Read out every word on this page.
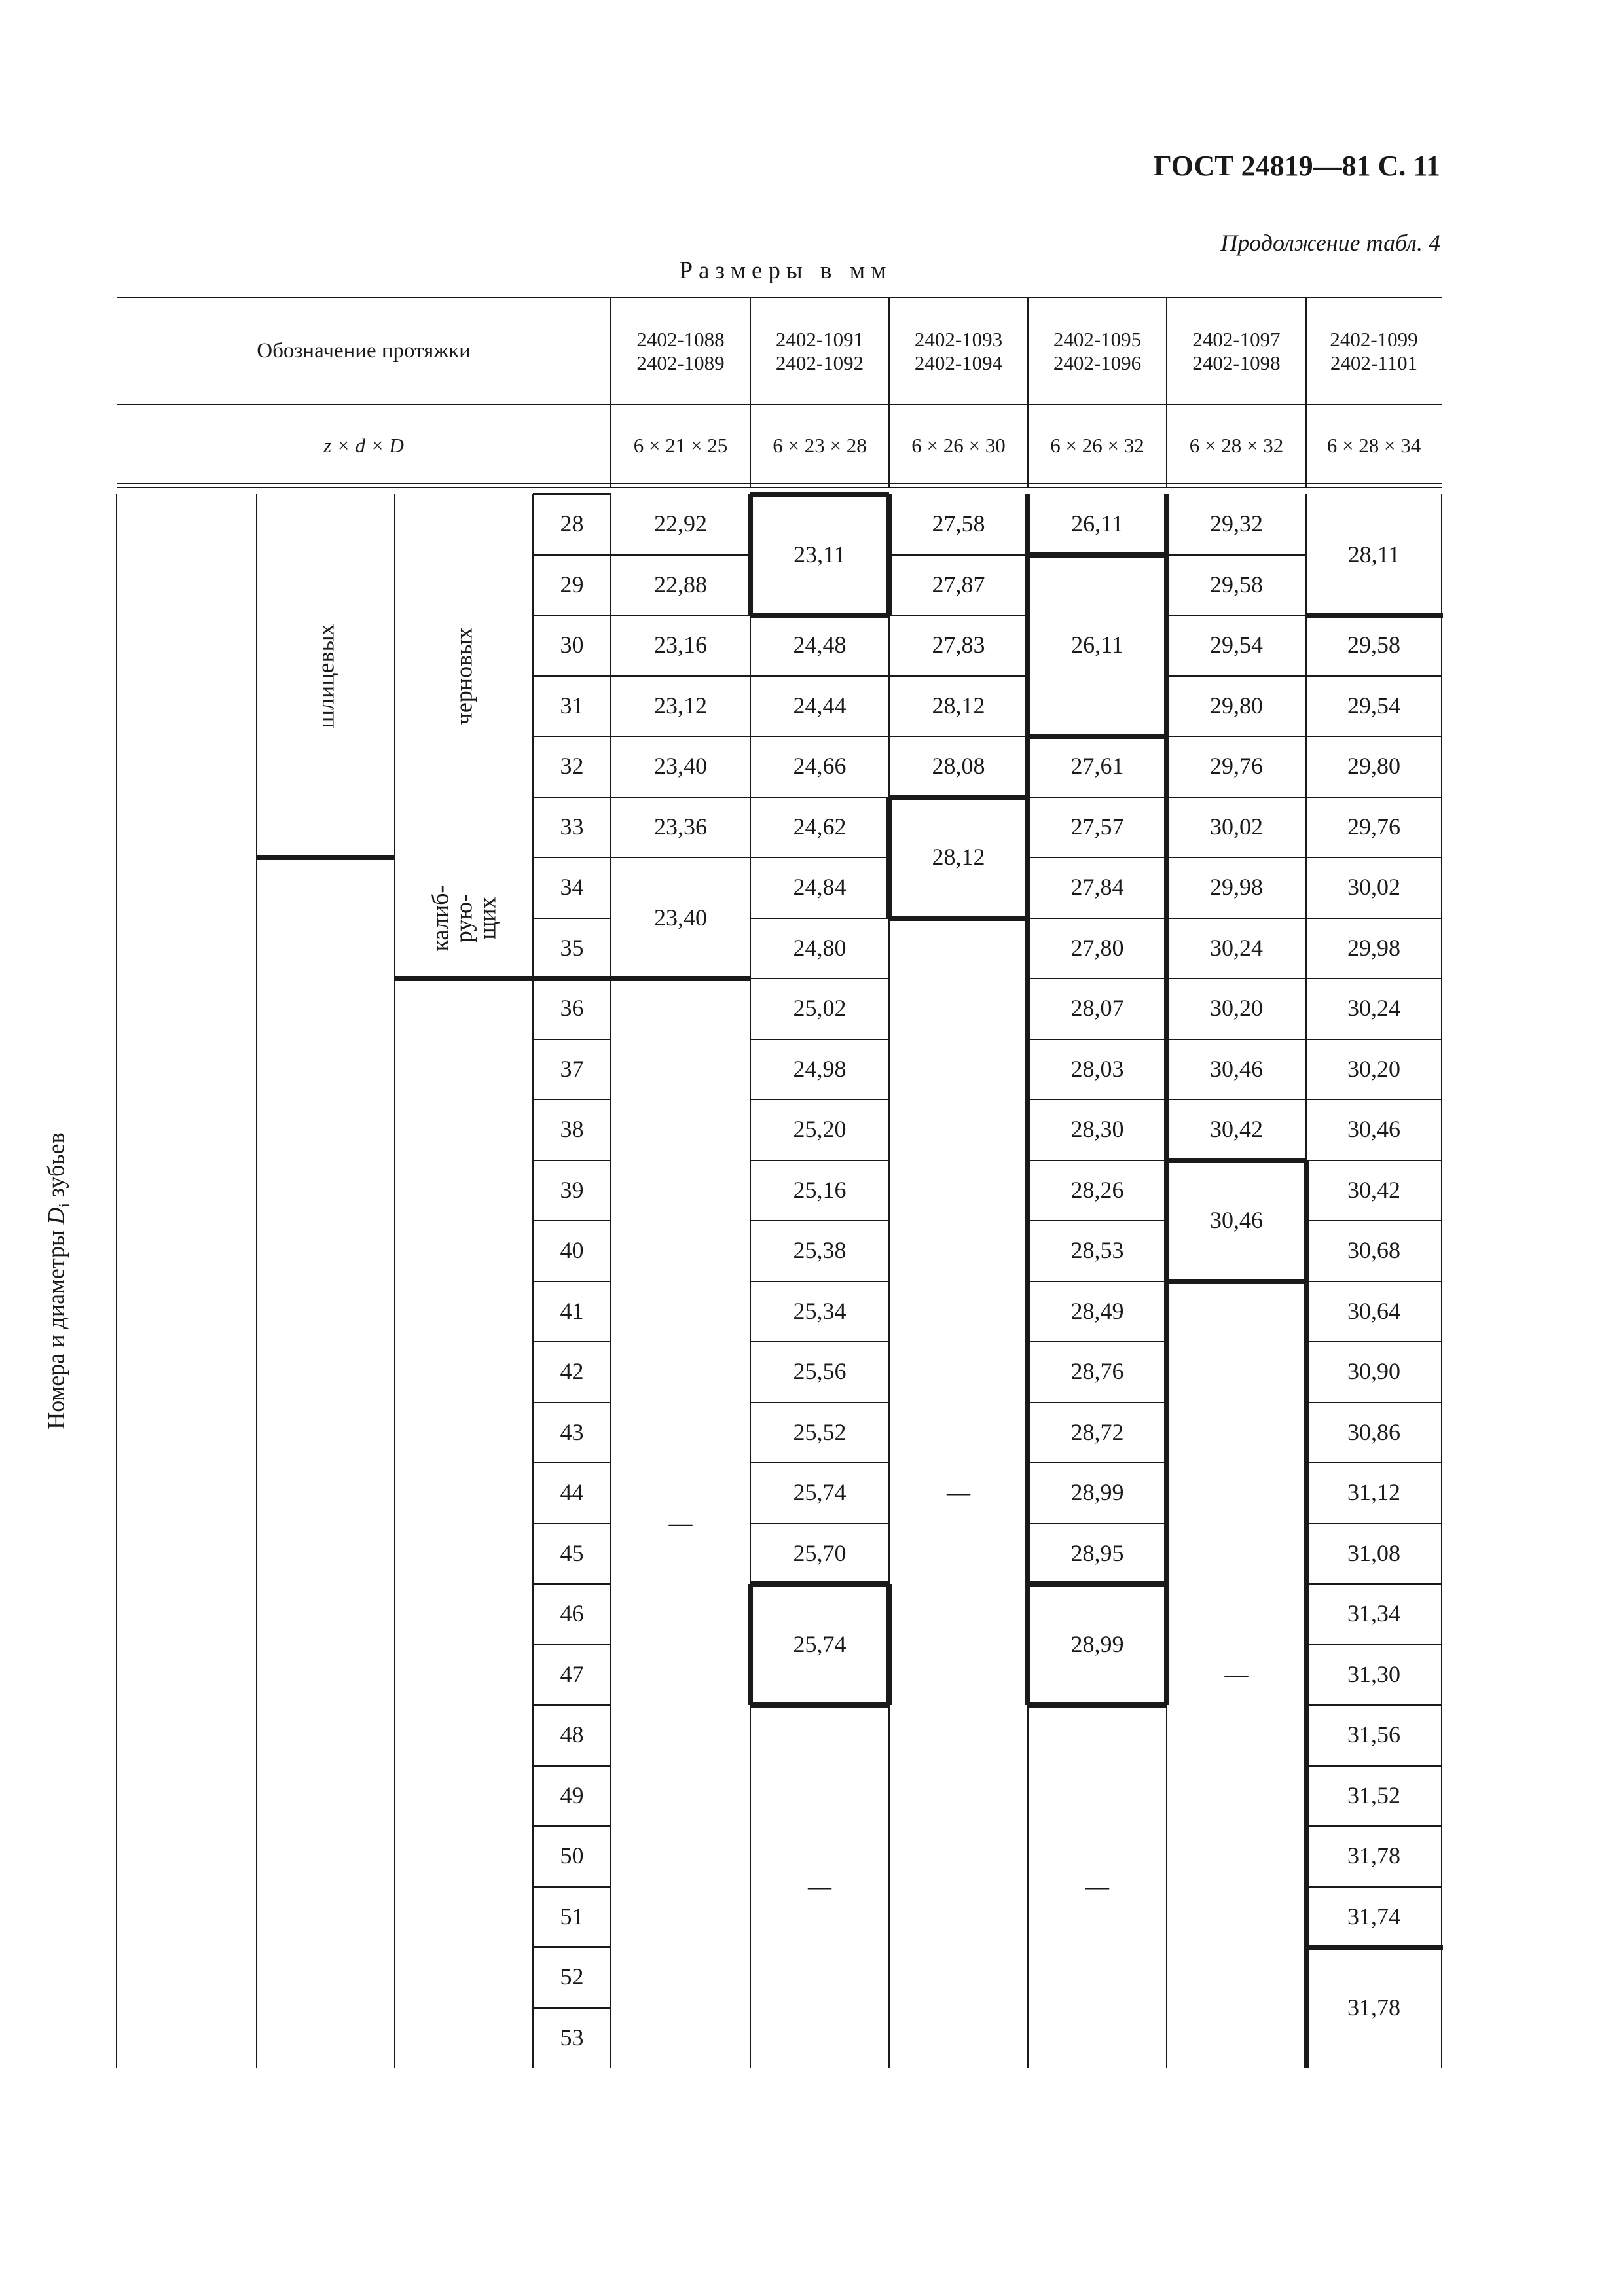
ГОСТ 24819—81 С. 11
Продолжение табл. 4
Размеры в мм
Обозначение протяжки
z × d × D
2402-1088
2402-1089
6 × 21 × 25
2402-1091
2402-1092
6 × 23 × 28
2402-1093
2402-1094
6 × 26 × 30
2402-1095
2402-1096
6 × 26 × 32
2402-1097
2402-1098
6 × 28 × 32
2402-1099
2402-1101
6 × 28 × 34
Номера и диаметры $D_i$ зубьев
шлицевых	черновых
калиб-
рую-
щих
28
29
30
31
32
33
34
35
36
37
38
39
40
41
42
43
44
45
46
47
48
49
50
51
52
53
22,92
22,88
23,16
23,12
23,40
23,36
23,40
—
23,11
24,48
24,44
24,66
24,62
24,84
24,80
25,02
24,98
25,20
25,16
25,38
25,34
25,56
25,52
25,74
25,70
25,74
—
27,58
27,87
27,83
28,12
28,08
28,12
—
26,11
26,11
27,61
27,57
27,84
27,80
28,07
28,03
28,30
28,26
28,53
28,49
28,76
28,72
28,99
28,95
28,99
—
29,32
29,58
29,54
29,80
29,76
30,02
29,98
30,24
30,20
30,46
30,42
30,46
—
28,11
29,58
29,54
29,80
29,76
30,02
29,98
30,24
30,20
30,46
30,42
30,68
30,64
30,90
30,86
31,12
31,08
31,34
31,30
31,56
31,52
31,78
31,74
31,78
